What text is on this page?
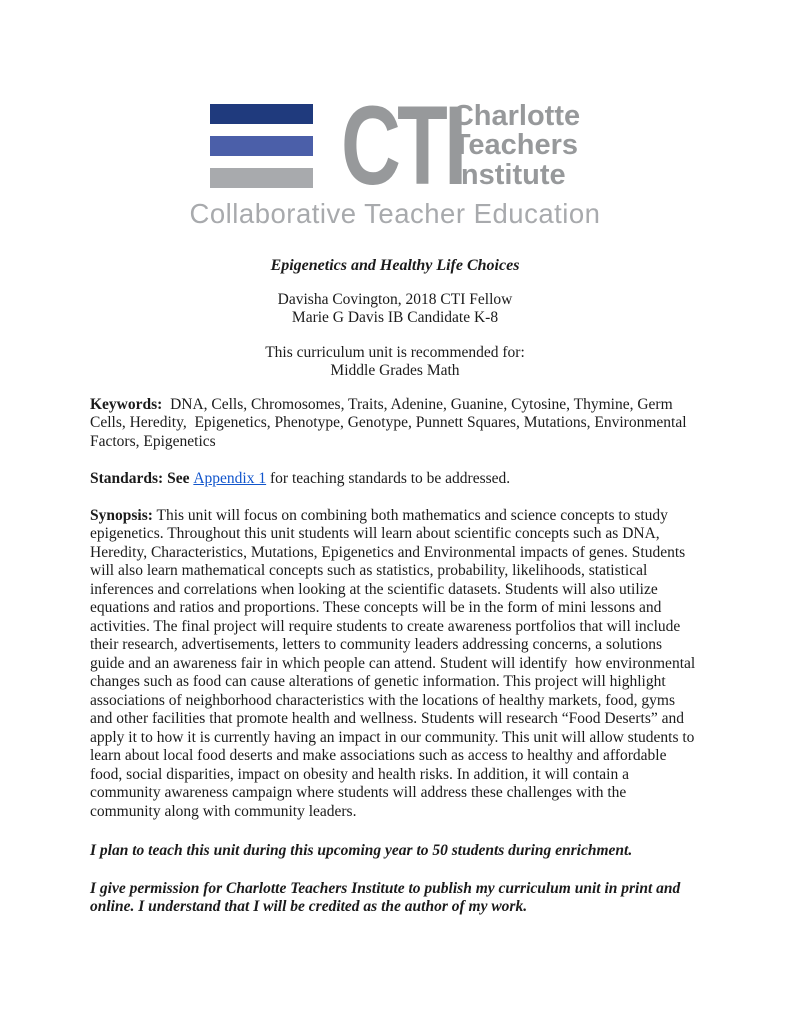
CTI
Charlotte
Teachers
Institute
Collaborative Teacher Education
Epigenetics and Healthy Life Choices
Davisha Covington, 2018 CTI Fellow
Marie G Davis IB Candidate K-8
This curriculum unit is recommended for:
Middle Grades Math

Keywords:  DNA, Cells, Chromosomes, Traits, Adenine, Guanine, Cytosine, Thymine, Germ Cells, Heredity,  Epigenetics, Phenotype, Genotype, Punnett Squares, Mutations, Environmental Factors, Epigenetics

Standards: See Appendix 1 for teaching standards to be addressed.

Synopsis: This unit will focus on combining both mathematics and science concepts to study epigenetics. Throughout this unit students will learn about scientific concepts such as DNA, Heredity, Characteristics, Mutations, Epigenetics and Environmental impacts of genes. Students will also learn mathematical concepts such as statistics, probability, likelihoods, statistical inferences and correlations when looking at the scientific datasets. Students will also utilize equations and ratios and proportions. These concepts will be in the form of mini lessons and activities. The final project will require students to create awareness portfolios that will include their research, advertisements, letters to community leaders addressing concerns, a solutions guide and an awareness fair in which people can attend. Student will identify  how environmental changes such as food can cause alterations of genetic information. This project will highlight associations of neighborhood characteristics with the locations of healthy markets, food, gyms and other facilities that promote health and wellness. Students will research “Food Deserts” and apply it to how it is currently having an impact in our community. This unit will allow students to learn about local food deserts and make associations such as access to healthy and affordable food, social disparities, impact on obesity and health risks. In addition, it will contain a community awareness campaign where students will address these challenges with the community along with community leaders.

I plan to teach this unit during this upcoming year to 50 students during enrichment.

I give permission for Charlotte Teachers Institute to publish my curriculum unit in print and online. I understand that I will be credited as the author of my work.
